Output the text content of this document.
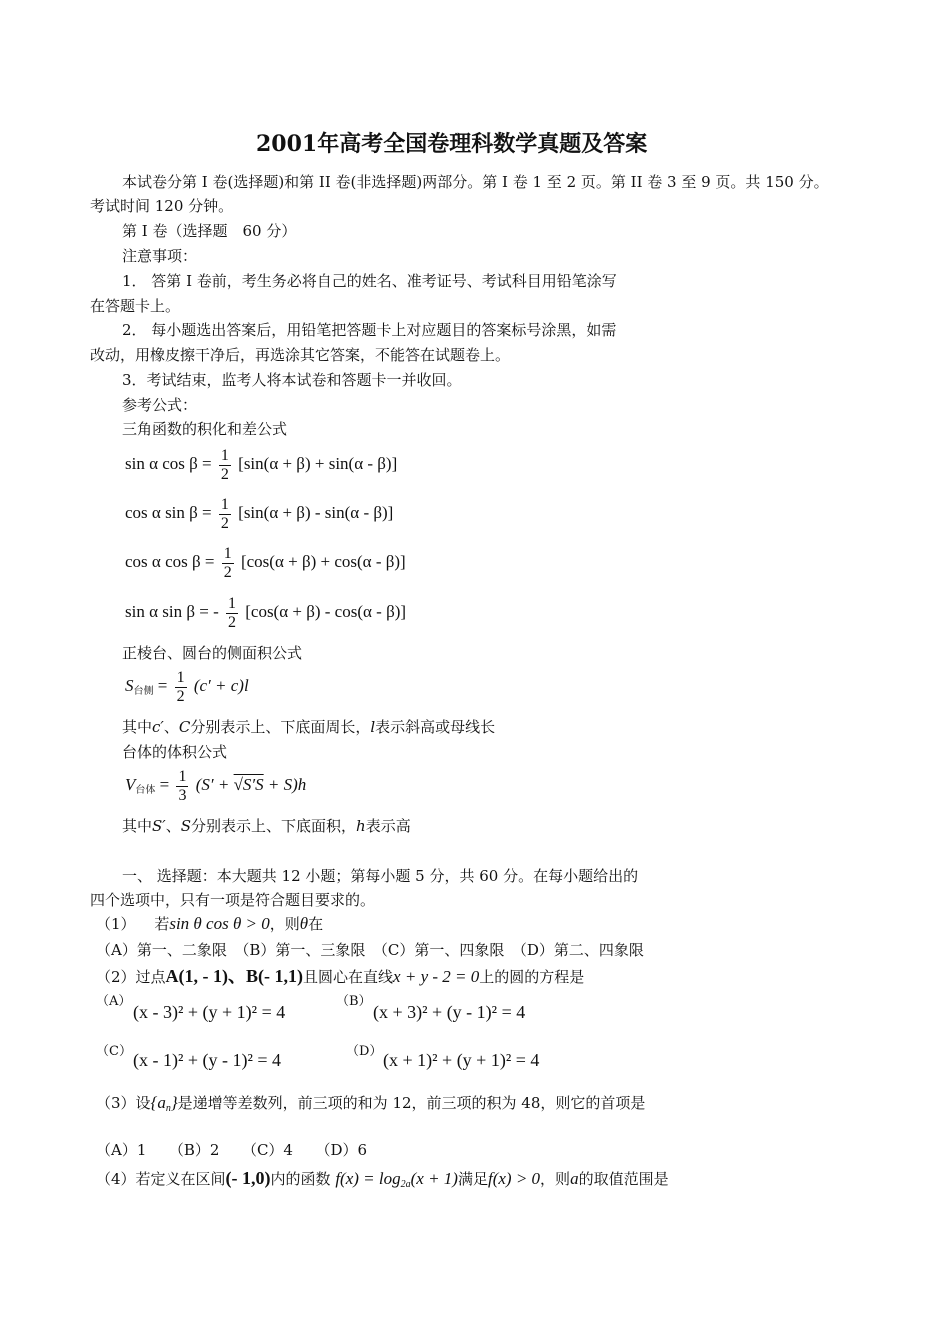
2001年高考全国卷理科数学真题及答案
本试卷分第 I 卷(选择题)和第 II 卷(非选择题)两部分。第 I 卷 1 至 2 页。第 II 卷 3 至 9 页。共 150 分。
考试时间 120 分钟。
第 I 卷（选择题　60 分）
注意事项：
1． 答第 I 卷前，考生务必将自己的姓名、准考证号、考试科目用铅笔涂写
在答题卡上。
2． 每小题选出答案后，用铅笔把答题卡上对应题目的答案标号涂黑，如需
改动，用橡皮擦干净后，再选涂其它答案，不能答在试题卷上。
3．考试结束，监考人将本试卷和答题卡一并收回。
参考公式：
三角函数的积化和差公式
sin α $\cos \beta = \frac{1}{2} [\sin(\alpha + \beta) + \sin(\alpha - \beta)]$
cos α $\sin \beta = \frac{1}{2} [\sin(\alpha + \beta) - \sin(\alpha - \beta)]$
cos α $\cos \beta = \frac{1}{2} [\cos(\alpha + \beta) + \cos(\alpha - \beta)]$
sin α sin β = - $\frac{1}{2} [\cos(\alpha + \beta) - \cos(\alpha - \beta)]$
正棱台、圆台的侧面积公式
$S_{台侧} = \frac{1}{2} (c' + c)l$
其中c′、C分别表示上、下底面周长，l表示斜高或母线长
台体的体积公式
$V_{台体} = \frac{1}{3} (S' + √S'S + S)h$
其中S′、S分别表示上、下底面积，h表示高
一、 选择题：本大题共 12 小题；第每小题 5 分，共 60 分。在每小题给出的
四个选项中，只有一项是符合题目要求的。
（1） 若sin θ cos θ > 0，则θ在
（A）第一、二象限　（B）第一、三象限　（C）第一、四象限　（D）第二、四象限
（2）过点A(1, - 1)、B(- 1,1)且圆心在直线x + y - 2 = 0上的圆的方程是
（A）
(x - 3)² + (y + 1)² = 4
（B）
(x + 3)² + (y - 1)² = 4
（C） (x - 1)² + (y - 1)² = 4	（D） (x + 1)² + (y + 1)² = 4
（3）设$\{a_n\}$是递增等差数列，前三项的和为 12，前三项的积为 48，则它的首项是
（A）1　　（B）2　　（C）4　　（D）6
（4）若定义在区间(- 1,0)内的函数 $f(x) = \log_{2a}(x + 1)$满足f(x) > 0，则a的取值范围是
